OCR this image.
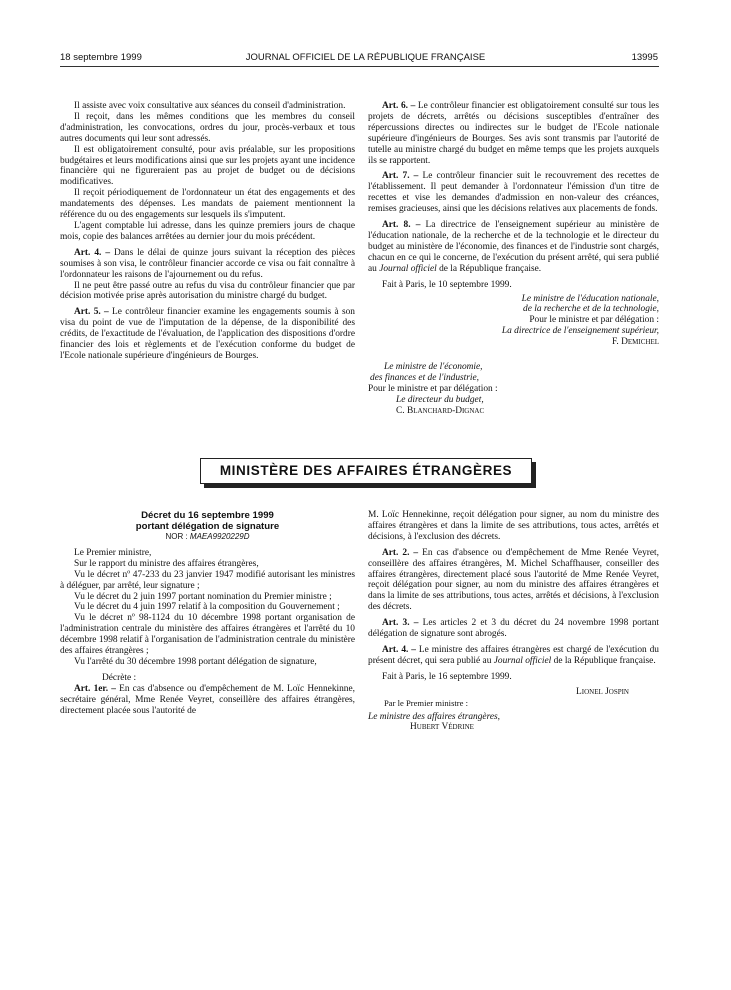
18 septembre 1999	JOURNAL OFFICIEL DE LA RÉPUBLIQUE FRANÇAISE	13995

Il assiste avec voix consultative aux séances du conseil d'administration.

Il reçoit, dans les mêmes conditions que les membres du conseil d'administration, les convocations, ordres du jour, procès-verbaux et tous autres documents qui leur sont adressés.

Il est obligatoirement consulté, pour avis préalable, sur les propositions budgétaires et leurs modifications ainsi que sur les projets ayant une incidence financière qui ne figureraient pas au projet de budget ou de décisions modificatives.

Il reçoit périodiquement de l'ordonnateur un état des engagements et des mandatements des dépenses. Les mandats de paiement mentionnent la référence du ou des engagements sur lesquels ils s'imputent.

L'agent comptable lui adresse, dans les quinze premiers jours de chaque mois, copie des balances arrêtées au dernier jour du mois précédent.

Art. 4. – Dans le délai de quinze jours suivant la réception des pièces soumises à son visa, le contrôleur financier accorde ce visa ou fait connaître à l'ordonnateur les raisons de l'ajournement ou du refus.

Il ne peut être passé outre au refus du visa du contrôleur financier que par décision motivée prise après autorisation du ministre chargé du budget.

Art. 5. – Le contrôleur financier examine les engagements soumis à son visa du point de vue de l'imputation de la dépense, de la disponibilité des crédits, de l'exactitude de l'évaluation, de l'application des dispositions d'ordre financier des lois et règlements et de l'exécution conforme du budget de l'Ecole nationale supérieure d'ingénieurs de Bourges.

Art. 6. – Le contrôleur financier est obligatoirement consulté sur tous les projets de décrets, arrêtés ou décisions susceptibles d'entraîner des répercussions directes ou indirectes sur le budget de l'Ecole nationale supérieure d'ingénieurs de Bourges. Ses avis sont transmis par l'autorité de tutelle au ministre chargé du budget en même temps que les projets auxquels ils se rapportent.

Art. 7. – Le contrôleur financier suit le recouvrement des recettes de l'établissement. Il peut demander à l'ordonnateur l'émission d'un titre de recettes et vise les demandes d'admission en non-valeur des créances, remises gracieuses, ainsi que les décisions relatives aux placements de fonds.

Art. 8. – La directrice de l'enseignement supérieur au ministère de l'éducation nationale, de la recherche et de la technologie et le directeur du budget au ministère de l'économie, des finances et de l'industrie sont chargés, chacun en ce qui le concerne, de l'exécution du présent arrêté, qui sera publié au Journal officiel de la République française.

Fait à Paris, le 10 septembre 1999.

Le ministre de l'éducation nationale,

de la recherche et de la technologie,

Pour le ministre et par délégation :

La directrice de l'enseignement supérieur,

F. Demichel

Le ministre de l'économie,

des finances et de l'industrie,

Pour le ministre et par délégation :

Le directeur du budget,

C. Blanchard-Dignac

MINISTÈRE DES AFFAIRES ÉTRANGÈRES
Décret du 16 septembre 1999
portant délégation de signature
NOR : MAEA9920229D

Le Premier ministre,

Sur le rapport du ministre des affaires étrangères,

Vu le décret nº 47-233 du 23 janvier 1947 modifié autorisant les ministres à déléguer, par arrêté, leur signature ;

Vu le décret du 2 juin 1997 portant nomination du Premier ministre ;

Vu le décret du 4 juin 1997 relatif à la composition du Gouvernement ;

Vu le décret nº 98-1124 du 10 décembre 1998 portant organisation de l'administration centrale du ministère des affaires étrangères et l'arrêté du 10 décembre 1998 relatif à l'organisation de l'administration centrale du ministère des affaires étrangères ;

Vu l'arrêté du 30 décembre 1998 portant délégation de signature,

Décrète :

Art. 1er. – En cas d'absence ou d'empêchement de M. Loïc Hennekinne, secrétaire général, Mme Renée Veyret, conseillère des affaires étrangères, directement placée sous l'autorité de

M. Loïc Hennekinne, reçoit délégation pour signer, au nom du ministre des affaires étrangères et dans la limite de ses attributions, tous actes, arrêtés et décisions, à l'exclusion des décrets.

Art. 2. – En cas d'absence ou d'empêchement de Mme Renée Veyret, conseillère des affaires étrangères, M. Michel Schaffhauser, conseiller des affaires étrangères, directement placé sous l'autorité de Mme Renée Veyret, reçoit délégation pour signer, au nom du ministre des affaires étrangères et dans la limite de ses attributions, tous actes, arrêtés et décisions, à l'exclusion des décrets.

Art. 3. – Les articles 2 et 3 du décret du 24 novembre 1998 portant délégation de signature sont abrogés.

Art. 4. – Le ministre des affaires étrangères est chargé de l'exécution du présent décret, qui sera publié au Journal officiel de la République française.

Fait à Paris, le 16 septembre 1999.

Lionel Jospin

Par le Premier ministre :

Le ministre des affaires étrangères,

Hubert Védrine
